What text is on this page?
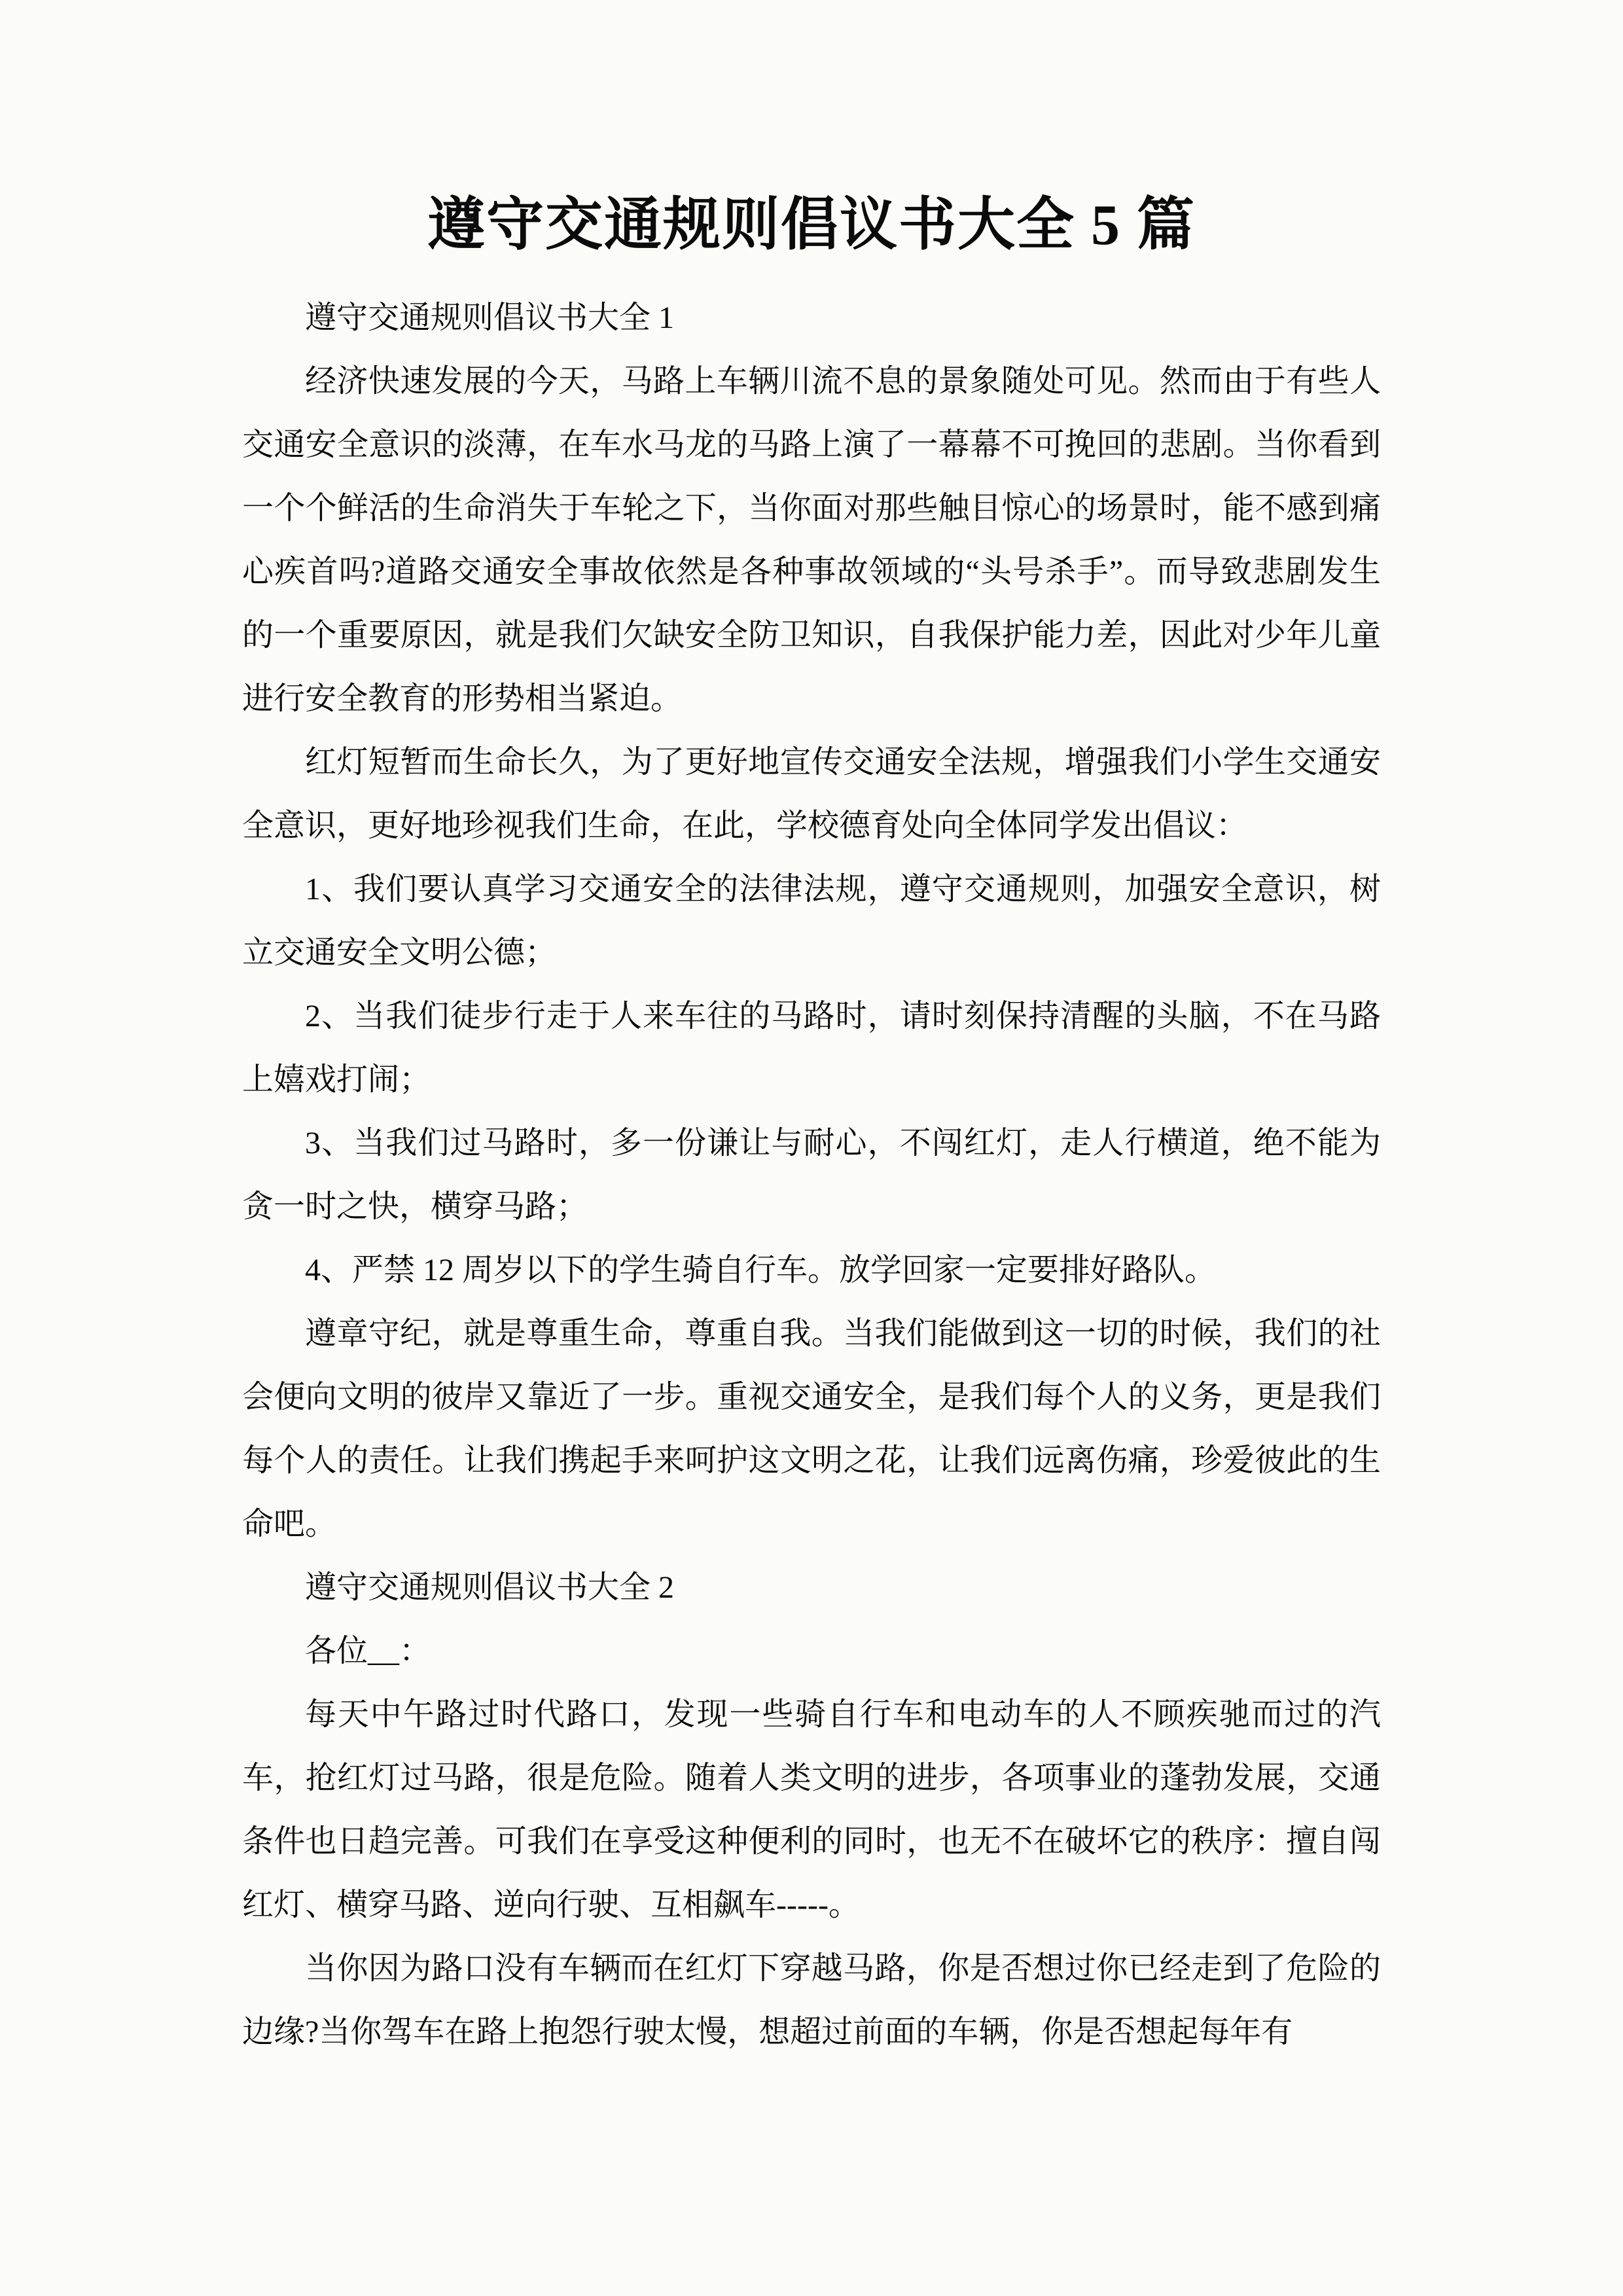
遵守交通规则倡议书大全 5 篇

遵守交通规则倡议书大全 1

经济快速发展的今天，马路上车辆川流不息的景象随处可见。然而由于有些人交通安全意识的淡薄，在车水马龙的马路上演了一幕幕不可挽回的悲剧。当你看到一个个鲜活的生命消失于车轮之下，当你面对那些触目惊心的场景时，能不感到痛心疾首吗?道路交通安全事故依然是各种事故领域的“头号杀手”。而导致悲剧发生的一个重要原因，就是我们欠缺安全防卫知识，自我保护能力差，因此对少年儿童进行安全教育的形势相当紧迫。

红灯短暂而生命长久，为了更好地宣传交通安全法规，增强我们小学生交通安全意识，更好地珍视我们生命，在此，学校德育处向全体同学发出倡议：

1、我们要认真学习交通安全的法律法规，遵守交通规则，加强安全意识，树立交通安全文明公德；

2、当我们徒步行走于人来车往的马路时，请时刻保持清醒的头脑，不在马路上嬉戏打闹；

3、当我们过马路时，多一份谦让与耐心，不闯红灯，走人行横道，绝不能为贪一时之快，横穿马路；

4、严禁 12 周岁以下的学生骑自行车。放学回家一定要排好路队。

遵章守纪，就是尊重生命，尊重自我。当我们能做到这一切的时候，我们的社会便向文明的彼岸又靠近了一步。重视交通安全，是我们每个人的义务，更是我们每个人的责任。让我们携起手来呵护这文明之花，让我们远离伤痛，珍爱彼此的生命吧。

遵守交通规则倡议书大全 2

各位__：

每天中午路过时代路口，发现一些骑自行车和电动车的人不顾疾驰而过的汽车，抢红灯过马路，很是危险。随着人类文明的进步，各项事业的蓬勃发展，交通条件也日趋完善。可我们在享受这种便利的同时，也无不在破坏它的秩序：擅自闯红灯、横穿马路、逆向行驶、互相飙车-----。

当你因为路口没有车辆而在红灯下穿越马路，你是否想过你已经走到了危险的边缘?当你驾车在路上抱怨行驶太慢，想超过前面的车辆，你是否想起每年有
